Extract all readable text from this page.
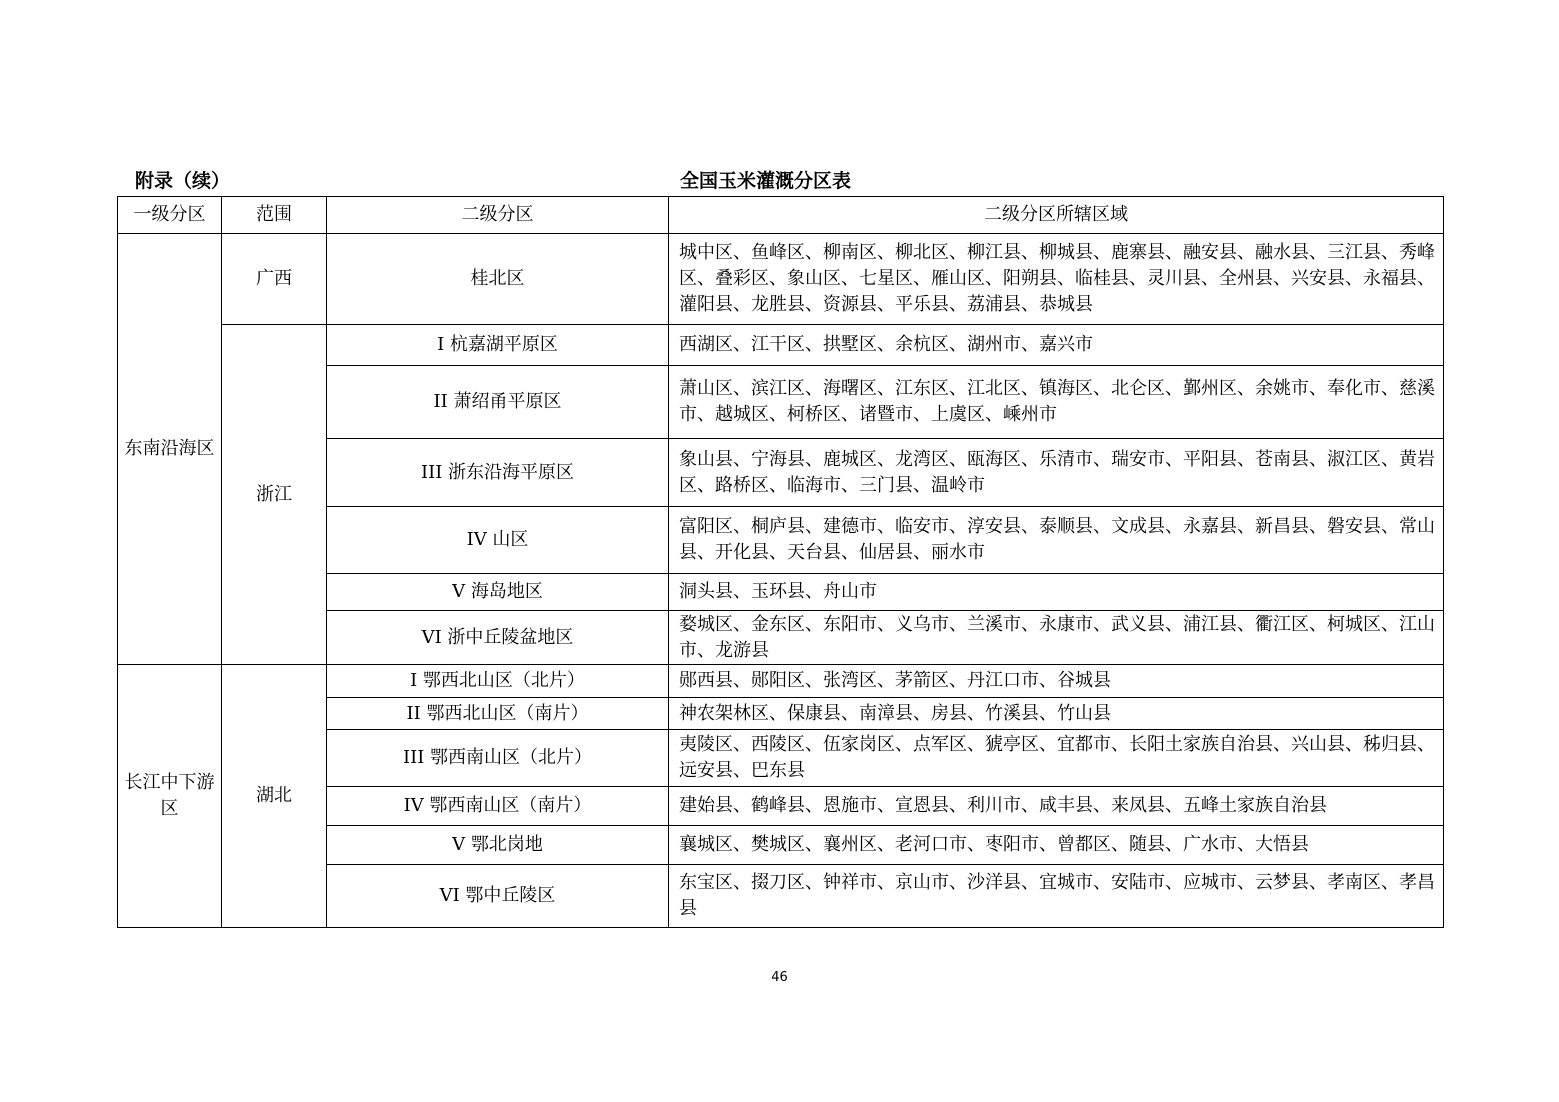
附录（续）	全国玉米灌溉分区表
一级分区	范围	二级分区	二级分区所辖区域
东南沿海区	广西	桂北区	城中区、鱼峰区、柳南区、柳北区、柳江县、柳城县、鹿寨县、融安县、融水县、三江县、秀峰区、叠彩区、象山区、七星区、雁山区、阳朔县、临桂县、灵川县、全州县、兴安县、永福县、灌阳县、龙胜县、资源县、平乐县、荔浦县、恭城县
	浙江	I 杭嘉湖平原区	西湖区、江干区、拱墅区、余杭区、湖州市、嘉兴市
		II 萧绍甬平原区	萧山区、滨江区、海曙区、江东区、江北区、镇海区、北仑区、鄞州区、余姚市、奉化市、慈溪市、越城区、柯桥区、诸暨市、上虞区、嵊州市
		III 浙东沿海平原区	象山县、宁海县、鹿城区、龙湾区、瓯海区、乐清市、瑞安市、平阳县、苍南县、淑江区、黄岩区、路桥区、临海市、三门县、温岭市
		IV 山区	富阳区、桐庐县、建德市、临安市、淳安县、泰顺县、文成县、永嘉县、新昌县、磐安县、常山县、开化县、天台县、仙居县、丽水市
		V 海岛地区	洞头县、玉环县、舟山市
		VI 浙中丘陵盆地区	婺城区、金东区、东阳市、义乌市、兰溪市、永康市、武义县、浦江县、衢江区、柯城区、江山市、龙游县
长江中下游区	湖北	I 鄂西北山区（北片）	郧西县、郧阳区、张湾区、茅箭区、丹江口市、谷城县
		II 鄂西北山区（南片）	神农架林区、保康县、南漳县、房县、竹溪县、竹山县
		III 鄂西南山区（北片）	夷陵区、西陵区、伍家岗区、点军区、猇亭区、宜都市、长阳土家族自治县、兴山县、秭归县、远安县、巴东县
		IV 鄂西南山区（南片）	建始县、鹤峰县、恩施市、宣恩县、利川市、咸丰县、来凤县、五峰土家族自治县
		V 鄂北岗地	襄城区、樊城区、襄州区、老河口市、枣阳市、曾都区、随县、广水市、大悟县
		VI 鄂中丘陵区	东宝区、掇刀区、钟祥市、京山市、沙洋县、宜城市、安陆市、应城市、云梦县、孝南区、孝昌县
46
